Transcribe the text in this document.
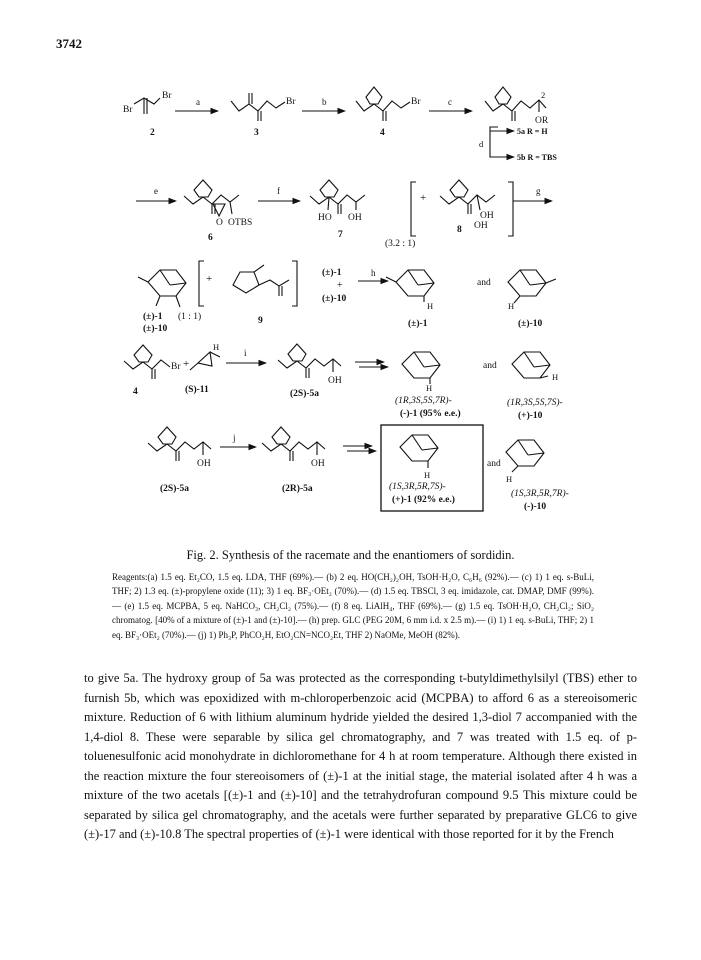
3742
Br
Br
a	Br	b	Br	c
2
OR
2	3	4	5a R = H
d
5b R = TBS
e
O OTBS
6
f
HO OH
7
+
OH
OH
8
(3.2 : 1)
g
(±)-1 (1 : 1)
(±)-10
+
9
(±)-1
+
(±)-10
h
H
(±)-1
and
H
(±)-10
Br +
H
i
OH
4	(S)-11	(2S)-5a
H
(1R,3S,5S,7R)-
(-)-1 (95% e.e.)
and
H
(1R,3S,5S,7S)-
(+)-10
OH
j
OH
(2S)-5a	(2R)-5a
H
(1S,3R,5R,7S)-
(+)-1 (92% e.e.)
and
H
(1S,3R,5R,7R)-
(-)-10
Fig. 2. Synthesis of the racemate and the enantiomers of sordidin.
Reagents:(a) 1.5 eq. Et₂CO, 1.5 eq. LDA, THF (69%).— (b) 2 eq. HO(CH₂)₂OH, TsOH·H₂O, C₆H₆ (92%).— (c) 1) 1 eq. s-BuLi, THF; 2) 1.3 eq. (±)-propylene oxide (11); 3) 1 eq. BF₃·OEt₂ (70%).— (d) 1.5 eq. TBSCl, 3 eq. imidazole, cat. DMAP, DMF (99%).— (e) 1.5 eq. MCPBA, 5 eq. NaHCO₃, CH₂Cl₂ (75%).— (f) 8 eq. LiAlH₄, THF (69%).— (g) 1.5 eq. TsOH·H₂O, CH₂Cl₂; SiO₂ chromatog. [40% of a mixture of (±)-1 and (±)-10].— (h) prep. GLC (PEG 20M, 6 mm i.d. x 2.5 m).— (i) 1) 1 eq. s-BuLi, THF; 2) 1 eq. BF₃·OEt₂ (70%).— (j) 1) Ph₃P, PhCO₂H, EtO₂CN=NCO₂Et, THF 2) NaOMe, MeOH (82%).
to give 5a. The hydroxy group of 5a was protected as the corresponding t-butyldimethylsilyl (TBS) ether to furnish 5b, which was epoxidized with m-chloroperbenzoic acid (MCPBA) to afford 6 as a stereoisomeric mixture. Reduction of 6 with lithium aluminum hydride yielded the desired 1,3-diol 7 accompanied with the 1,4-diol 8. These were separable by silica gel chromatography, and 7 was treated with 1.5 eq. of p-toluenesulfonic acid monohydrate in dichloromethane for 4 h at room temperature. Although there existed in the reaction mixture the four stereoisomers of (±)-1 at the initial stage, the material isolated after 4 h was a mixture of the two acetals [(±)-1 and (±)-10] and the tetrahydrofuran compound 9.5 This mixture could be separated by silica gel chromatography, and the acetals were further separated by preparative GLC6 to give (±)-17 and (±)-10.8 The spectral properties of (±)-1 were identical with those reported for it by the French
